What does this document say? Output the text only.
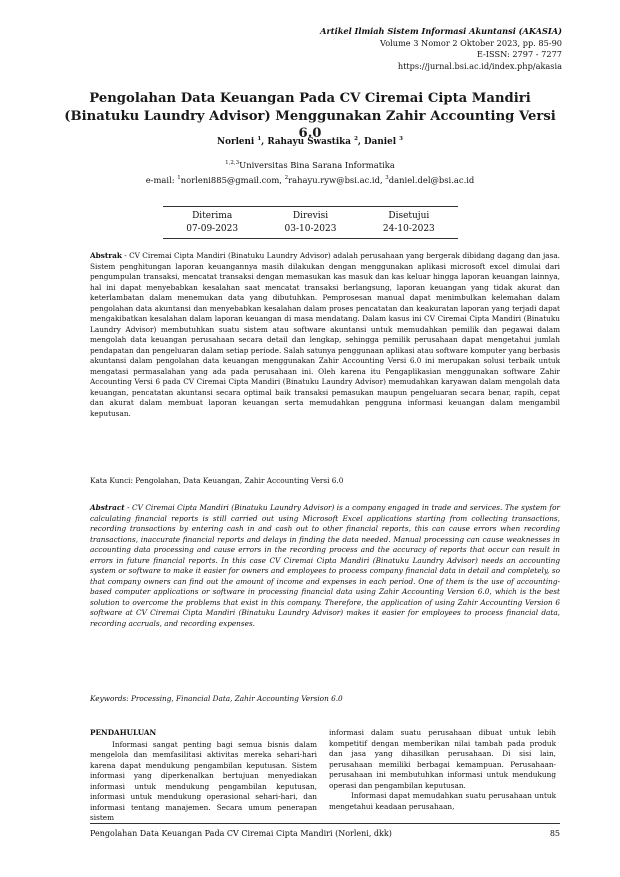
Artikel Ilmiah Sistem Informasi Akuntansi (AKASIA)
Volume 3 Nomor 2 Oktober 2023, pp. 85-90
E-ISSN: 2797 - 7277
https://jurnal.bsi.ac.id/index.php/akasia
Pengolahan Data Keuangan Pada CV Ciremai Cipta Mandiri (Binatuku Laundry Advisor) Menggunakan Zahir Accounting Versi 6.0
Norleni $^1$, Rahayu Swastika $^2$, Daniel $^3$
$^{1,2,3}$Universitas Bina Sarana Informatika
e-mail: $^1$norleni885@gmail.com, $^2$rahayu.ryw@bsi.ac.id, $^3$daniel.del@bsi.ac.id
Diterima
07-09-2023
Direvisi
03-10-2023
Disetujui
24-10-2023
Abstrak - CV Ciremai Cipta Mandiri (Binatuku Laundry Advisor) adalah perusahaan yang bergerak dibidang dagang dan jasa. Sistem penghitungan laporan keuangannya masih dilakukan dengan menggunakan aplikasi microsoft excel dimulai dari pengumpulan transaksi, mencatat transaksi dengan memasukan kas masuk dan kas keluar hingga laporan keuangan lainnya, hal ini dapat menyebabkan kesalahan saat mencatat transaksi berlangsung, laporan keuangan yang tidak akurat dan keterlambatan dalam menemukan data yang dibutuhkan. Pemprosesan manual dapat menimbulkan kelemahan dalam pengolahan data akuntansi dan menyebabkan kesalahan dalam proses pencatatan dan keakuratan laporan yang terjadi dapat mengakibatkan kesalahan dalam laporan keuangan di masa mendatang. Dalam kasus ini CV Ciremai Cipta Mandiri (Binatuku Laundry Advisor) membutuhkan suatu sistem atau software akuntansi untuk memudahkan pemilik dan pegawai dalam mengolah data keuangan perusahaan secara detail dan lengkap, sehingga pemilik perusahaan dapat mengetahui jumlah pendapatan dan pengeluaran dalam setiap periode. Salah satunya penggunaan aplikasi atau software komputer yang berbasis akuntansi dalam pengolahan data keuangan menggunakan Zahir Accounting Versi 6.0 ini merupakan solusi terbaik untuk mengatasi permasalahan yang ada pada perusahaan ini. Oleh karena itu Pengaplikasian menggunakan software Zahir Accounting Versi 6 pada CV Ciremai Cipta Mandiri (Binatuku Laundry Advisor) memudahkan karyawan dalam mengolah data keuangan, pencatatan akuntansi secara optimal baik transaksi pemasukan maupun pengeluaran secara benar, rapih, cepat dan akurat dalam membuat laporan keuangan serta memudahkan pengguna informasi keuangan dalam mengambil keputusan.
Kata Kunci: Pengolahan, Data Keuangan, Zahir Accounting Versi 6.0
Abstract - CV Ciremai Cipta Mandiri (Binatuku Laundry Advisor) is a company engaged in trade and services. The system for calculating financial reports is still carried out using Microsoft Excel applications starting from collecting transactions, recording transactions by entering cash in and cash out to other financial reports, this can cause errors when recording transactions, inaccurate financial reports and delays in finding the data needed. Manual processing can cause weaknesses in accounting data processing and cause errors in the recording process and the accuracy of reports that occur can result in errors in future financial reports. In this case CV Ciremai Cipta Mandiri (Binatuku Laundry Advisor) needs an accounting system or software to make it easier for owners and employees to process company financial data in detail and completely, so that company owners can find out the amount of income and expenses in each period. One of them is the use of accounting-based computer applications or software in processing financial data using Zahir Accounting Version 6.0, which is the best solution to overcome the problems that exist in this company. Therefore, the application of using Zahir Accounting Version 6 software at CV Ciremai Cipta Mandiri (Binatuku Laundry Advisor) makes it easier for employees to process financial data, recording accruals, and recording expenses.
Keywords: Processing, Financial Data, Zahir Accounting Version 6.0
PENDAHULUAN

Informasi sangat penting bagi semua bisnis dalam mengelola dan memfasilitasi aktivitas mereka sehari-hari karena dapat mendukung pengambilan keputusan. Sistem informasi yang diperkenalkan bertujuan menyediakan informasi untuk mendukung pengambilan keputusan, informasi untuk mendukung operasional sehari-hari, dan informasi tentang manajemen. Secara umum penerapan sistem

informasi dalam suatu perusahaan dibuat untuk lebih kompetitif dengan memberikan nilai tambah pada produk dan jasa yang dihasilkan perusahaan. Di sisi lain, perusahaan memiliki berbagai kemampuan. Perusahaan-perusahaan ini membutuhkan informasi untuk mendukung operasi dan pengambilan keputusan.

Informasi dapat memudahkan suatu perusahaan untuk mengetahui keadaan perusahaan,

Pengolahan Data Keuangan Pada CV Ciremai Cipta Mandiri (Norleni, dkk)	85
